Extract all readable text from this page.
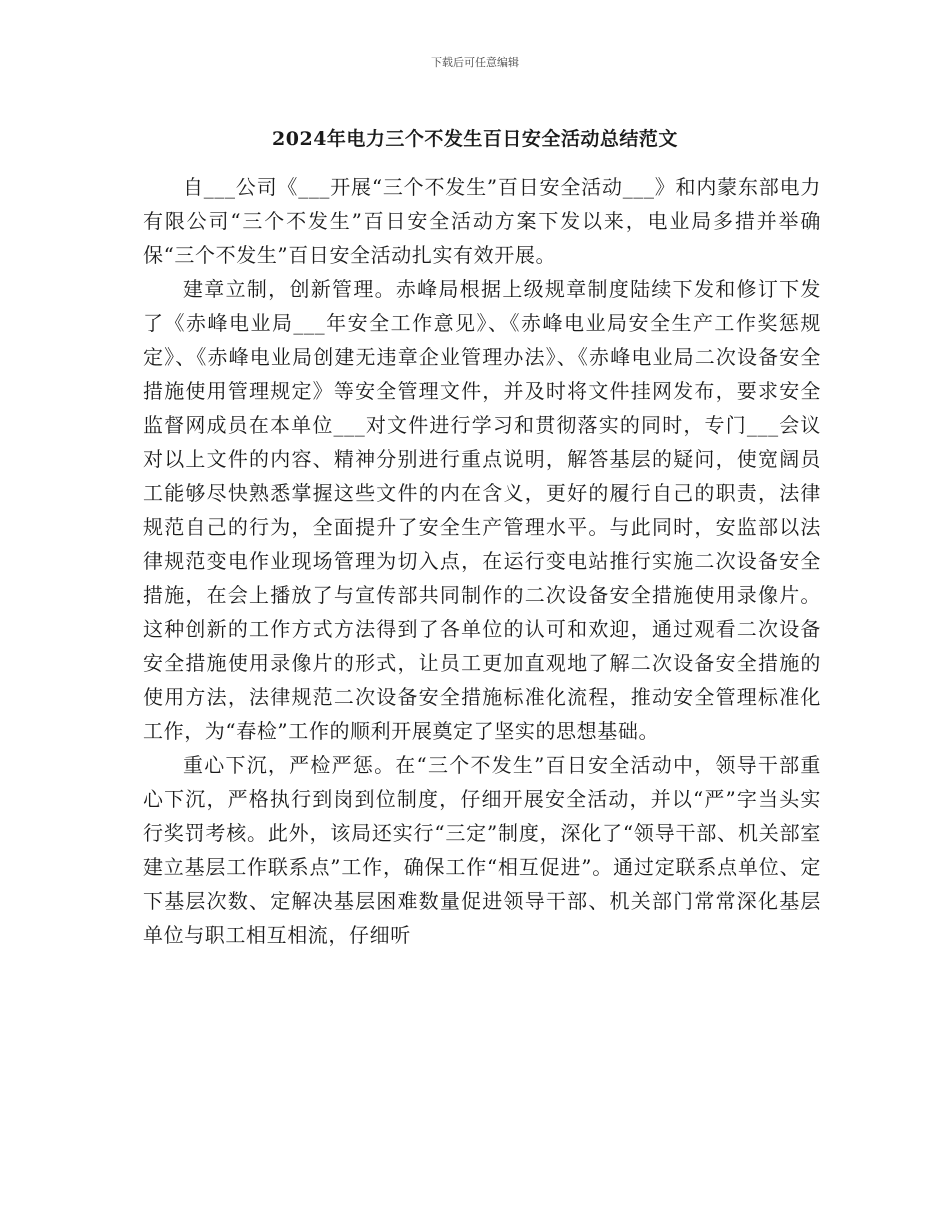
下载后可任意编辑
2024年电力三个不发生百日安全活动总结范文

自___公司《___开展“三个不发生”百日安全活动___》和内蒙东部电力有限公司“三个不发生”百日安全活动方案下发以来，电业局多措并举确保“三个不发生”百日安全活动扎实有效开展。

建章立制，创新管理。赤峰局根据上级规章制度陆续下发和修订下发了《赤峰电业局___年安全工作意见》、《赤峰电业局安全生产工作奖惩规定》、《赤峰电业局创建无违章企业管理办法》、《赤峰电业局二次设备安全措施使用管理规定》等安全管理文件，并及时将文件挂网发布，要求安全监督网成员在本单位___对文件进行学习和贯彻落实的同时，专门___会议对以上文件的内容、精神分别进行重点说明，解答基层的疑问，使宽阔员工能够尽快熟悉掌握这些文件的内在含义，更好的履行自己的职责，法律规范自己的行为，全面提升了安全生产管理水平。与此同时，安监部以法律规范变电作业现场管理为切入点，在运行变电站推行实施二次设备安全措施，在会上播放了与宣传部共同制作的二次设备安全措施使用录像片。这种创新的工作方式方法得到了各单位的认可和欢迎，通过观看二次设备安全措施使用录像片的形式，让员工更加直观地了解二次设备安全措施的使用方法，法律规范二次设备安全措施标准化流程，推动安全管理标准化工作，为“春检”工作的顺利开展奠定了坚实的思想基础。

重心下沉，严检严惩。在“三个不发生”百日安全活动中，领导干部重心下沉，严格执行到岗到位制度，仔细开展安全活动，并以“严”字当头实行奖罚考核。此外，该局还实行“三定”制度，深化了“领导干部、机关部室建立基层工作联系点”工作，确保工作“相互促进”。通过定联系点单位、定下基层次数、定解决基层困难数量促进领导干部、机关部门常常深化基层单位与职工相互相流，仔细听
